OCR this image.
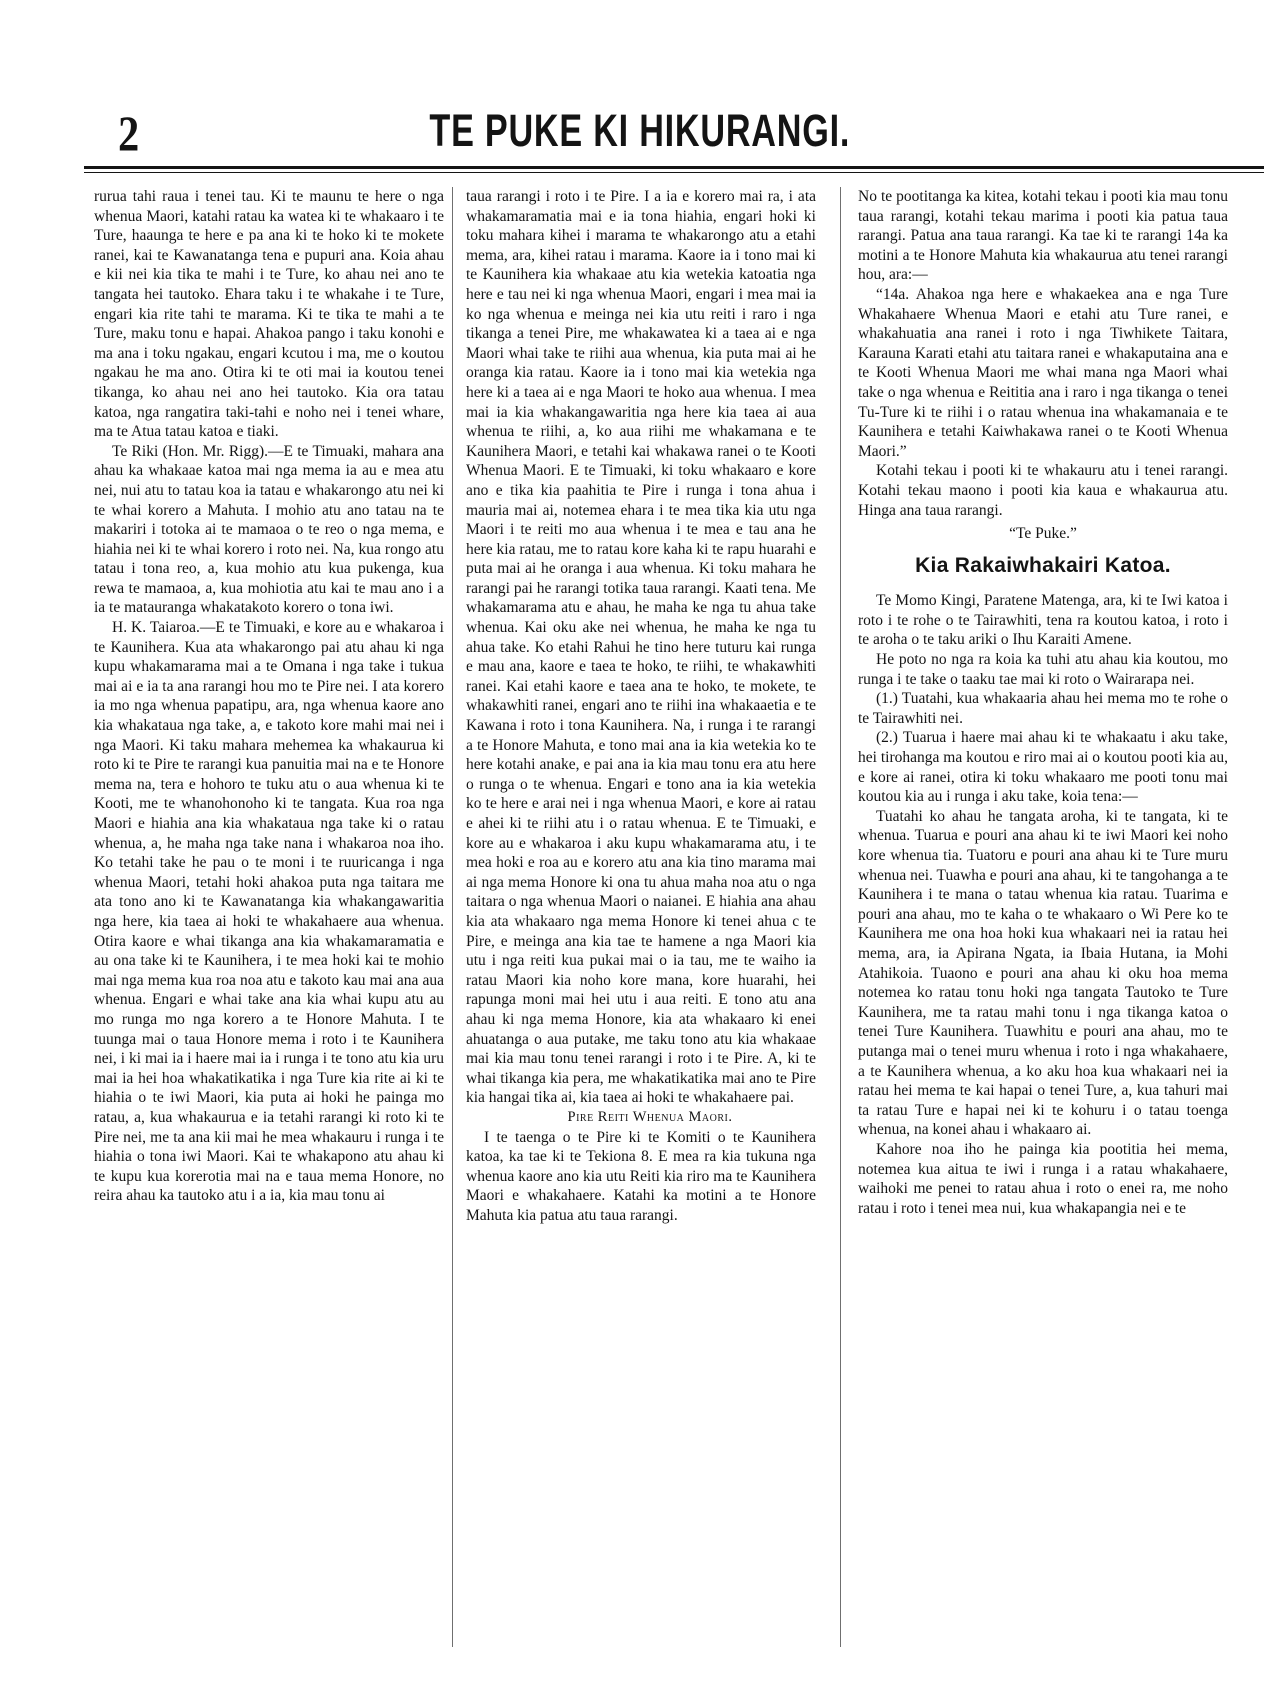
2	TE PUKE KI HIKURANGI.

rurua tahi raua i tenei tau. Ki te maunu te here o nga whenua Maori, katahi ratau ka watea ki te whakaaro i te Ture, haaunga te here e pa ana ki te hoko ki te mokete ranei, kai te Kawanatanga tena e pupuri ana. Koia ahau e kii nei kia tika te mahi i te Ture, ko ahau nei ano te tangata hei tautoko. Ehara taku i te whakahe i te Ture, engari kia rite tahi te marama. Ki te tika te mahi a te Ture, maku tonu e hapai. Ahakoa pango i taku konohi e ma ana i toku ngakau, engari kcutou i ma, me o koutou ngakau he ma ano. Otira ki te oti mai ia koutou tenei tikanga, ko ahau nei ano hei tautoko. Kia ora tatau katoa, nga rangatira taki-tahi e noho nei i tenei whare, ma te Atua tatau katoa e tiaki.

Te Riki (Hon. Mr. Rigg).—E te Timuaki, mahara ana ahau ka whakaae katoa mai nga mema ia au e mea atu nei, nui atu to tatau koa ia tatau e whakarongo atu nei ki te whai korero a Mahuta. I mohio atu ano tatau na te makariri i totoka ai te mamaoa o te reo o nga mema, e hiahia nei ki te whai korero i roto nei. Na, kua rongo atu tatau i tona reo, a, kua mohio atu kua pukenga, kua rewa te mamaoa, a, kua mohiotia atu kai te mau ano i a ia te matauranga whakatakoto korero o tona iwi.

H. K. Taiaroa.—E te Timuaki, e kore au e whakaroa i te Kaunihera. Kua ata whakarongo pai atu ahau ki nga kupu whakamarama mai a te Omana i nga take i tukua mai ai e ia ta ana rarangi hou mo te Pire nei. I ata korero ia mo nga whenua papatipu, ara, nga whenua kaore ano kia whakataua nga take, a, e takoto kore mahi mai nei i nga Maori. Ki taku mahara mehemea ka whakaurua ki roto ki te Pire te rarangi kua panuitia mai na e te Honore mema na, tera e hohoro te tuku atu o aua whenua ki te Kooti, me te whanohonoho ki te tangata. Kua roa nga Maori e hiahia ana kia whakataua nga take ki o ratau whenua, a, he maha nga take nana i whakaroa noa iho. Ko tetahi take he pau o te moni i te ruuricanga i nga whenua Maori, tetahi hoki ahakoa puta nga taitara me ata tono ano ki te Kawanatanga kia whakangawaritia nga here, kia taea ai hoki te whakahaere aua whenua. Otira kaore e whai tikanga ana kia whakamaramatia e au ona take ki te Kaunihera, i te mea hoki kai te mohio mai nga mema kua roa noa atu e takoto kau mai ana aua whenua. Engari e whai take ana kia whai kupu atu au mo runga mo nga korero a te Honore Mahuta. I te tuunga mai o taua Honore mema i roto i te Kaunihera nei, i ki mai ia i haere mai ia i runga i te tono atu kia uru mai ia hei hoa whakatikatika i nga Ture kia rite ai ki te hiahia o te iwi Maori, kia puta ai hoki he painga mo ratau, a, kua whakaurua e ia tetahi rarangi ki roto ki te Pire nei, me ta ana kii mai he mea whakauru i runga i te hiahia o tona iwi Maori. Kai te whakapono atu ahau ki te kupu kua korerotia mai na e taua mema Honore, no reira ahau ka tautoko atu i a ia, kia mau tonu ai

taua rarangi i roto i te Pire. I a ia e korero mai ra, i ata whakamaramatia mai e ia tona hiahia, engari hoki ki toku mahara kihei i marama te whakarongo atu a etahi mema, ara, kihei ratau i marama. Kaore ia i tono mai ki te Kaunihera kia whakaae atu kia wetekia katoatia nga here e tau nei ki nga whenua Maori, engari i mea mai ia ko nga whenua e meinga nei kia utu reiti i raro i nga tikanga a tenei Pire, me whakawatea ki a taea ai e nga Maori whai take te riihi aua whenua, kia puta mai ai he oranga kia ratau. Kaore ia i tono mai kia wetekia nga here ki a taea ai e nga Maori te hoko aua whenua. I mea mai ia kia whakangawaritia nga here kia taea ai aua whenua te riihi, a, ko aua riihi me whakamana e te Kaunihera Maori, e tetahi kai whakawa ranei o te Kooti Whenua Maori. E te Timuaki, ki toku whakaaro e kore ano e tika kia paahitia te Pire i runga i tona ahua i mauria mai ai, notemea ehara i te mea tika kia utu nga Maori i te reiti mo aua whenua i te mea e tau ana he here kia ratau, me to ratau kore kaha ki te rapu huarahi e puta mai ai he oranga i aua whenua. Ki toku mahara he rarangi pai he rarangi totika taua rarangi. Kaati tena. Me whakamarama atu e ahau, he maha ke nga tu ahua take whenua. Kai oku ake nei whenua, he maha ke nga tu ahua take. Ko etahi Rahui he tino here tuturu kai runga e mau ana, kaore e taea te hoko, te riihi, te whakawhiti ranei. Kai etahi kaore e taea ana te hoko, te mokete, te whakawhiti ranei, engari ano te riihi ina whakaaetia e te Kawana i roto i tona Kaunihera. Na, i runga i te rarangi a te Honore Mahuta, e tono mai ana ia kia wetekia ko te here kotahi anake, e pai ana ia kia mau tonu era atu here o runga o te whenua. Engari e tono ana ia kia wetekia ko te here e arai nei i nga whenua Maori, e kore ai ratau e ahei ki te riihi atu i o ratau whenua. E te Timuaki, e kore au e whakaroa i aku kupu whakamarama atu, i te mea hoki e roa au e korero atu ana kia tino marama mai ai nga mema Honore ki ona tu ahua maha noa atu o nga taitara o nga whenua Maori o naianei. E hiahia ana ahau kia ata whakaaro nga mema Honore ki tenei ahua c te Pire, e meinga ana kia tae te hamene a nga Maori kia utu i nga reiti kua pukai mai o ia tau, me te waiho ia ratau Maori kia noho kore mana, kore huarahi, hei rapunga moni mai hei utu i aua reiti. E tono atu ana ahau ki nga mema Honore, kia ata whakaaro ki enei ahuatanga o aua putake, me taku tono atu kia whakaae mai kia mau tonu tenei rarangi i roto i te Pire. A, ki te whai tikanga kia pera, me whakatikatika mai ano te Pire kia hangai tika ai, kia taea ai hoki te whakahaere pai.

Pire Reiti Whenua Maori.

I te taenga o te Pire ki te Komiti o te Kaunihera katoa, ka tae ki te Tekiona 8. E mea ra kia tukuna nga whenua kaore ano kia utu Reiti kia riro ma te Kaunihera Maori e whakahaere. Katahi ka motini a te Honore Mahuta kia patua atu taua rarangi.

No te pootitanga ka kitea, kotahi tekau i pooti kia mau tonu taua rarangi, kotahi tekau marima i pooti kia patua taua rarangi. Patua ana taua rarangi. Ka tae ki te rarangi 14a ka motini a te Honore Mahuta kia whakaurua atu tenei rarangi hou, ara:—

“14a. Ahakoa nga here e whakaekea ana e nga Ture Whakahaere Whenua Maori e etahi atu Ture ranei, e whakahuatia ana ranei i roto i nga Tiwhikete Taitara, Karauna Karati etahi atu taitara ranei e whakaputaina ana e te Kooti Whenua Maori me whai mana nga Maori whai take o nga whenua e Reititia ana i raro i nga tikanga o tenei Tu-Ture ki te riihi i o ratau whenua ina whakamanaia e te Kaunihera e tetahi Kaiwhakawa ranei o te Kooti Whenua Maori.”

Kotahi tekau i pooti ki te whakauru atu i tenei rarangi. Kotahi tekau maono i pooti kia kaua e whakaurua atu. Hinga ana taua rarangi.

“Te Puke.”
Kia Rakaiwhakairi Katoa.

Te Momo Kingi, Paratene Matenga, ara, ki te Iwi katoa i roto i te rohe o te Tairawhiti, tena ra koutou katoa, i roto i te aroha o te taku ariki o Ihu Karaiti Amene.

He poto no nga ra koia ka tuhi atu ahau kia koutou, mo runga i te take o taaku tae mai ki roto o Wairarapa nei.

(1.) Tuatahi, kua whakaaria ahau hei mema mo te rohe o te Tairawhiti nei.

(2.) Tuarua i haere mai ahau ki te whakaatu i aku take, hei tirohanga ma koutou e riro mai ai o koutou pooti kia au, e kore ai ranei, otira ki toku whakaaro me pooti tonu mai koutou kia au i runga i aku take, koia tena:—

Tuatahi ko ahau he tangata aroha, ki te tangata, ki te whenua. Tuarua e pouri ana ahau ki te iwi Maori kei noho kore whenua tia. Tuatoru e pouri ana ahau ki te Ture muru whenua nei. Tuawha e pouri ana ahau, ki te tangohanga a te Kaunihera i te mana o tatau whenua kia ratau. Tuarima e pouri ana ahau, mo te kaha o te whakaaro o Wi Pere ko te Kaunihera me ona hoa hoki kua whakaari nei ia ratau hei mema, ara, ia Apirana Ngata, ia Ibaia Hutana, ia Mohi Atahikoia. Tuaono e pouri ana ahau ki oku hoa mema notemea ko ratau tonu hoki nga tangata Tautoko te Ture Kaunihera, me ta ratau mahi tonu i nga tikanga katoa o tenei Ture Kaunihera. Tuawhitu e pouri ana ahau, mo te putanga mai o tenei muru whenua i roto i nga whakahaere, a te Kaunihera whenua, a ko aku hoa kua whakaari nei ia ratau hei mema te kai hapai o tenei Ture, a, kua tahuri mai ta ratau Ture e hapai nei ki te kohuru i o tatau toenga whenua, na konei ahau i whakaaro ai.

Kahore noa iho he painga kia pootitia hei mema, notemea kua aitua te iwi i runga i a ratau whakahaere, waihoki me penei to ratau ahua i roto o enei ra, me noho ratau i roto i tenei mea nui, kua whakapangia nei e te
